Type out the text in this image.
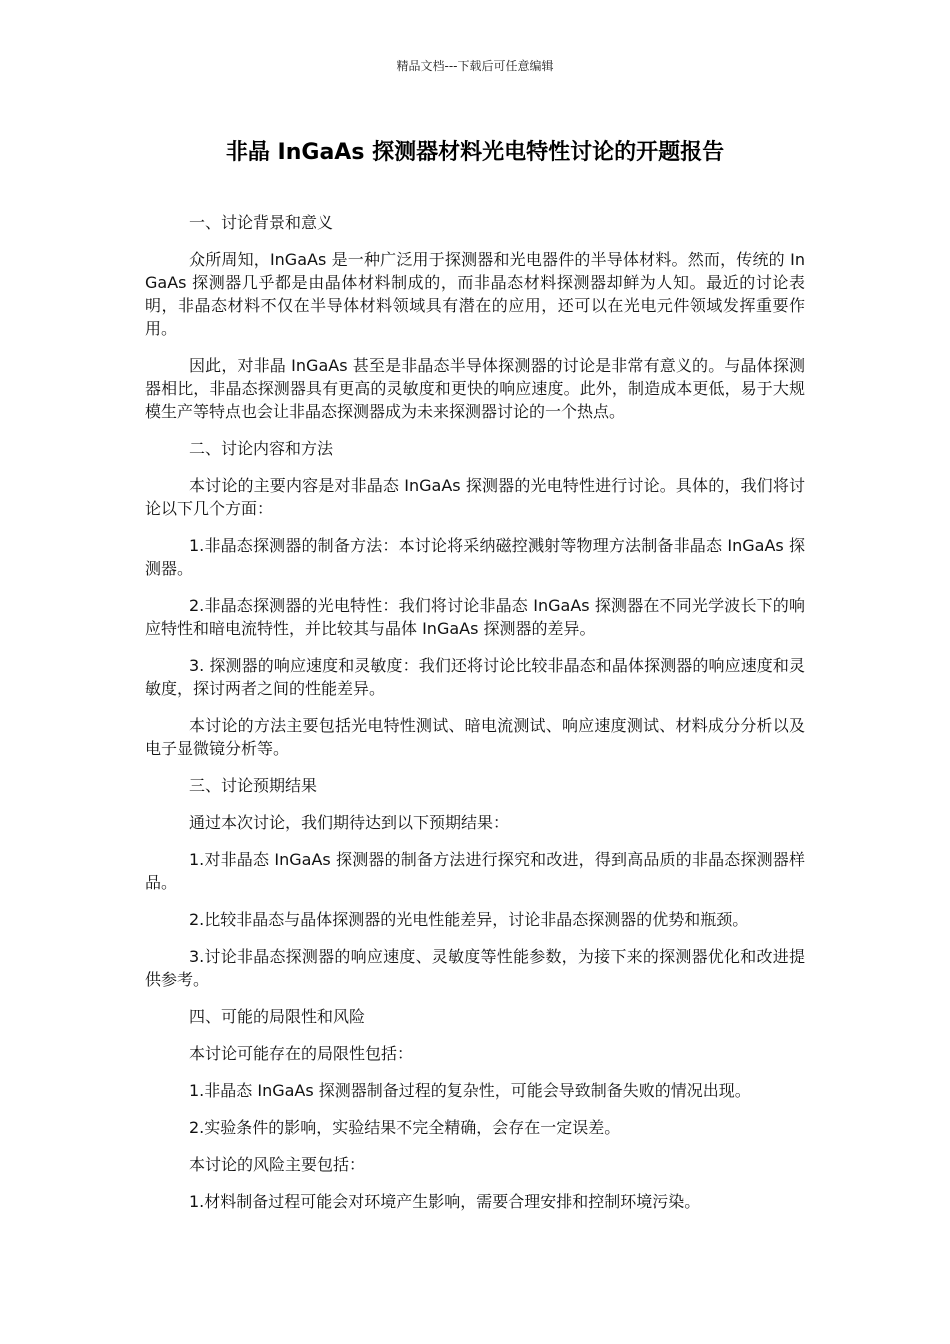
精品文档---下载后可任意编辑
非晶 InGaAs 探测器材料光电特性讨论的开题报告
一、讨论背景和意义

众所周知，InGaAs 是一种广泛用于探测器和光电器件的半导体材料。然而，传统的 InGaAs 探测器几乎都是由晶体材料制成的，而非晶态材料探测器却鲜为人知。最近的讨论表明，非晶态材料不仅在半导体材料领域具有潜在的应用，还可以在光电元件领域发挥重要作用。

因此，对非晶 InGaAs 甚至是非晶态半导体探测器的讨论是非常有意义的。与晶体探测器相比，非晶态探测器具有更高的灵敏度和更快的响应速度。此外，制造成本更低，易于大规模生产等特点也会让非晶态探测器成为未来探测器讨论的一个热点。

二、讨论内容和方法

本讨论的主要内容是对非晶态 InGaAs 探测器的光电特性进行讨论。具体的，我们将讨论以下几个方面：

1.非晶态探测器的制备方法：本讨论将采纳磁控溅射等物理方法制备非晶态 InGaAs 探测器。

2.非晶态探测器的光电特性：我们将讨论非晶态 InGaAs 探测器在不同光学波长下的响应特性和暗电流特性，并比较其与晶体 InGaAs 探测器的差异。

3. 探测器的响应速度和灵敏度：我们还将讨论比较非晶态和晶体探测器的响应速度和灵敏度，探讨两者之间的性能差异。

本讨论的方法主要包括光电特性测试、暗电流测试、响应速度测试、材料成分分析以及电子显微镜分析等。

三、讨论预期结果

通过本次讨论，我们期待达到以下预期结果：

1.对非晶态 InGaAs 探测器的制备方法进行探究和改进，得到高品质的非晶态探测器样品。

2.比较非晶态与晶体探测器的光电性能差异，讨论非晶态探测器的优势和瓶颈。

3.讨论非晶态探测器的响应速度、灵敏度等性能参数，为接下来的探测器优化和改进提供参考。

四、可能的局限性和风险

本讨论可能存在的局限性包括：

1.非晶态 InGaAs 探测器制备过程的复杂性，可能会导致制备失败的情况出现。

2.实验条件的影响，实验结果不完全精确，会存在一定误差。

本讨论的风险主要包括：

1.材料制备过程可能会对环境产生影响，需要合理安排和控制环境污染。
